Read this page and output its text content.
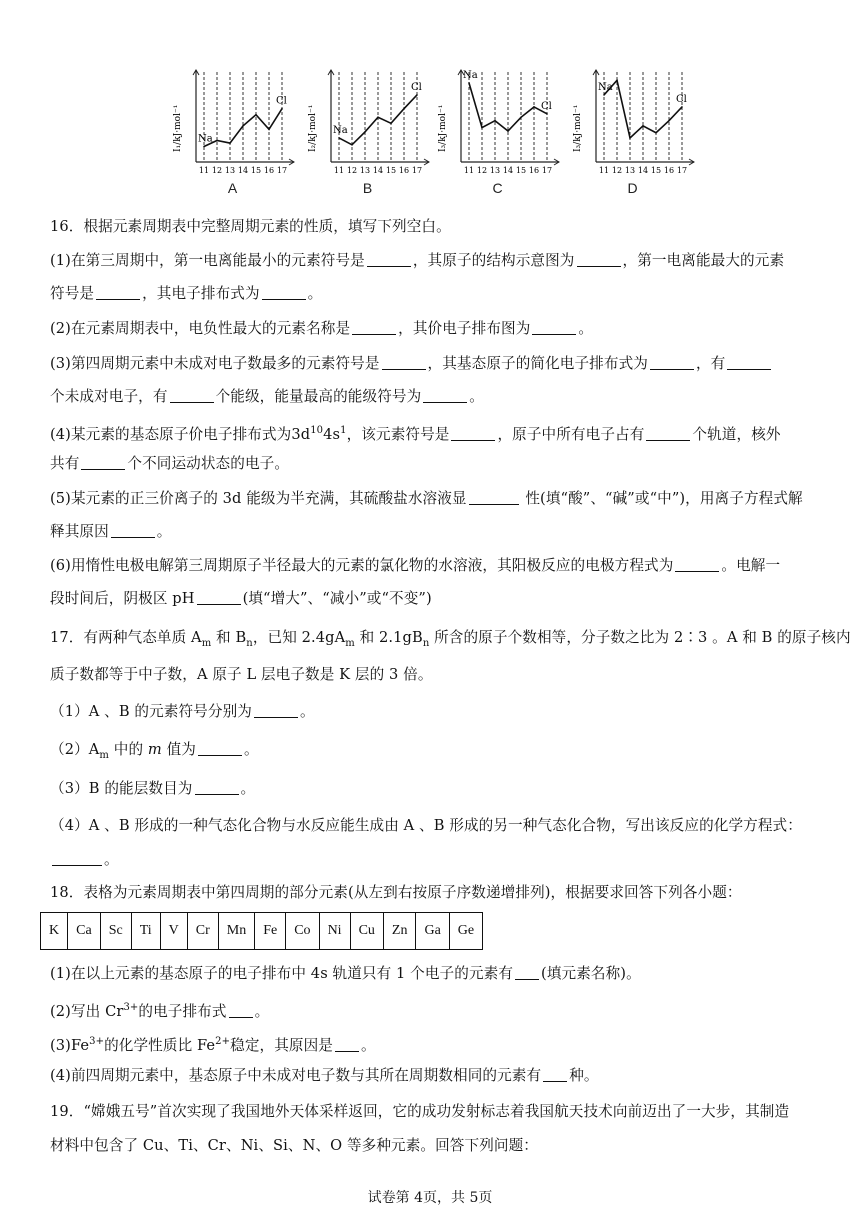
I₁/kJ·mol⁻¹
11 12 13 14 15 16 17
Na
Cl
A
I₂/kJ·mol⁻¹
11 12 13 14 15 16 17
Na
Cl
B
I₃/kJ·mol⁻¹
11 12 13 14 15 16 17
Na
Cl
C
I₃/kJ·mol⁻¹
11 12 13 14 15 16 17
Na
Cl
D
16．根据元素周期表中完整周期元素的性质，填写下列空白。
(1)在第三周期中，第一电离能最小的元素符号是	，其原子的结构示意图为	，第一电离能最大的元素
符号是	，其电子排布式为	。
(2)在元素周期表中，电负性最大的元素名称是	，其价电子排布图为	。
(3)第四周期元素中未成对电子数最多的元素符号是	，其基态原子的简化电子排布式为	，有
个未成对电子，有	个能级，能量最高的能级符号为	。
(4)某元素的基态原子价电子排布式为$3d^{10}4s^1$，该元素符号是	，原子中所有电子占有	个轨道，核外
共有	个不同运动状态的电子。
(5)某元素的正三价离子的 3d 能级为半充满，其硫酸盐水溶液显	性(填“酸”、“碱”或“中”)，用离子方程式解
释其原因	。
(6)用惰性电极电解第三周期原子半径最大的元素的氯化物的水溶液，其阳极反应的电极方程式为	。电解一
段时间后，阴极区 pH	(填“增大”、“减小”或“不变”)
17．有两种气态单质 $A_m$ 和 $B_n$，已知 $2.4gA_m$ 和 $2.1gB_n$ 所含的原子个数相等，分子数之比为 2∶3 。A 和 B 的原子核内
质子数都等于中子数，A 原子 L 层电子数是 K 层的 3 倍。
（1）A 、B 的元素符号分别为	。
$(2)A_m$ 中的 m 值为	。
（3）B 的能层数目为	。
（4）A 、B 形成的一种气态化合物与水反应能生成由 A 、B 形成的另一种气态化合物，写出该反应的化学方程式：
。
18．表格为元素周期表中第四周期的部分元素(从左到右按原子序数递增排列)，根据要求回答下列各小题：
K	Ca	Sc	Ti	V	Cr	Mn	Fe	Co	Ni	Cu	Zn	Ga	Ge
(1)在以上元素的基态原子的电子排布中 4s 轨道只有 1 个电子的元素有 (填元素名称)。
(2)写出 $Cr^{3+}$的电子排布式 。
$(3)Fe^{3+}$的化学性质比 $Fe^{2+}$稳定，其原因是 。
(4)前四周期元素中，基态原子中未成对电子数与其所在周期数相同的元素有 种。
19．“嫦娥五号”首次实现了我国地外天体采样返回，它的成功发射标志着我国航天技术向前迈出了一大步，其制造
材料中包含了 Cu、Ti、Cr、Ni、Si、N、O 等多种元素。回答下列问题：
试卷第 4页，共 5页
